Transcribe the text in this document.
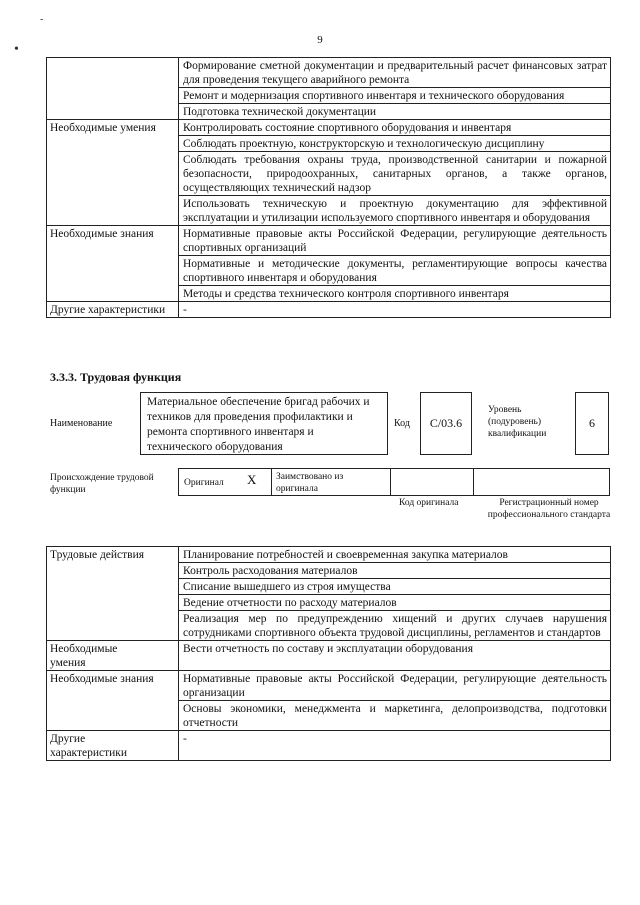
-
•
9
	Формирование сметной документации и предварительный расчет финансовых затрат для проведения текущего аварийного ремонта
	Ремонт и модернизация спортивного инвентаря и технического оборудования
	Подготовка технической документации
Необходимые умения	Контролировать состояние спортивного оборудования и инвентаря
	Соблюдать проектную, конструкторскую и технологическую дисциплину
	Соблюдать требования охраны труда, производственной санитарии и пожарной безопасности, природоохранных, санитарных органов, а также органов, осуществляющих технический надзор
	Использовать техническую и проектную документацию для эффективной эксплуатации и утилизации используемого спортивного инвентаря и оборудования
Необходимые знания	Нормативные правовые акты Российской Федерации, регулирующие деятельность спортивных организаций
	Нормативные и методические документы, регламентирующие вопросы качества спортивного инвентаря и оборудования
	Методы и средства технического контроля спортивного инвентаря
Другие характеристики	-
3.3.3. Трудовая функция
Наименование
Материальное обеспечение бригад рабочих и техников для проведения профилактики и ремонта спортивного инвентаря и технического оборудования
Код	С/03.6
Уровень (подуровень) квалификации
6
Происхождение трудовой функции
Оригинал X Заимствовано из оригинала
Код оригинала	Регистрационный номер профессионального стандарта
Трудовые действия	Планирование потребностей и своевременная закупка материалов
	Контроль расходования материалов
	Списание вышедшего из строя имущества
	Ведение отчетности по расходу материалов
	Реализация мер по предупреждению хищений и других случаев нарушения сотрудниками спортивного объекта трудовой дисциплины, регламентов и стандартов
Необходимые умения	Вести отчетность по составу и эксплуатации оборудования
Необходимые знания	Нормативные правовые акты Российской Федерации, регулирующие деятельность организации
	Основы экономики, менеджмента и маркетинга, делопроизводства, подготовки отчетности
Другие характеристики	-
